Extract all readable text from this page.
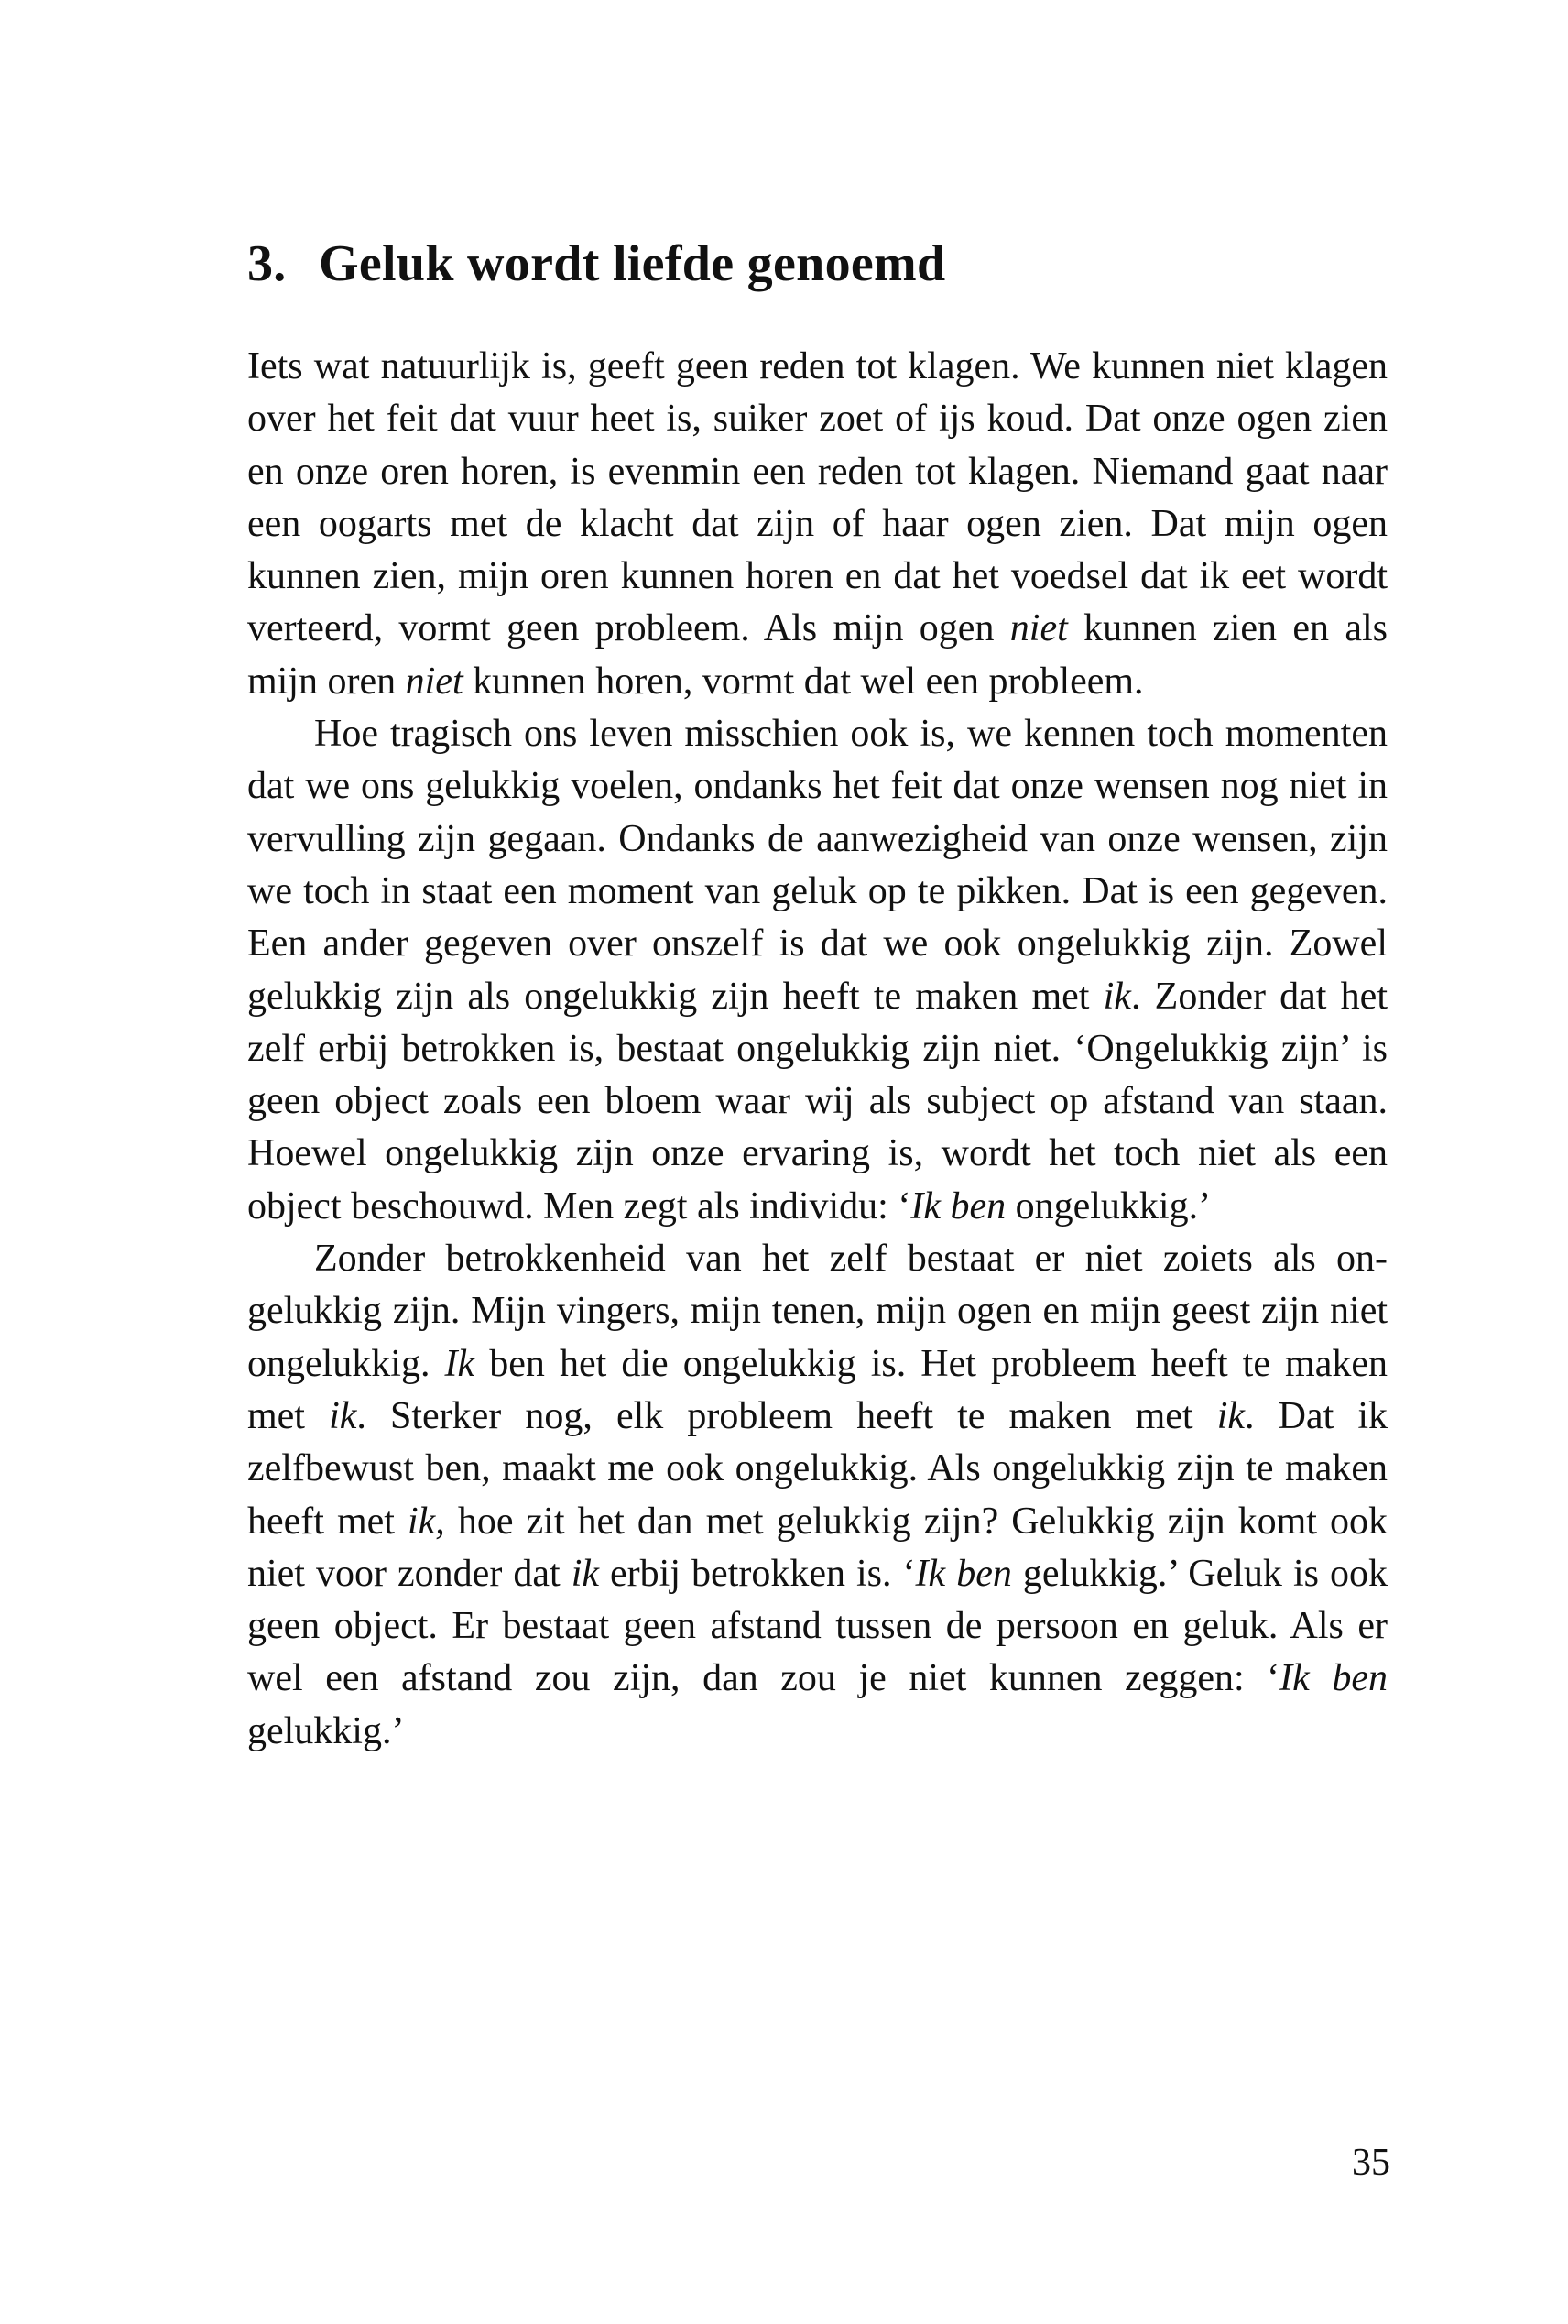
3. Geluk wordt liefde genoemd

Iets wat natuurlijk is, geeft geen reden tot klagen. We kunnen niet klagen over het feit dat vuur heet is, suiker zoet of ijs koud. Dat onze ogen zien en onze oren horen, is evenmin een reden tot klagen. Niemand gaat naar een oogarts met de klacht dat zijn of haar ogen zien. Dat mijn ogen kunnen zien, mijn oren kunnen horen en dat het voedsel dat ik eet wordt verteerd, vormt geen probleem. Als mijn ogen niet kunnen zien en als mijn oren niet kunnen horen, vormt dat wel een probleem.

Hoe tragisch ons leven misschien ook is, we kennen toch momenten dat we ons gelukkig voelen, ondanks het feit dat onze wensen nog niet in vervulling zijn gegaan. Ondanks de aanwezigheid van onze wensen, zijn we toch in staat een moment van geluk op te pikken. Dat is een gegeven. Een ander gegeven over onszelf is dat we ook ongelukkig zijn. Zowel gelukkig zijn als ongelukkig zijn heeft te maken met ik. Zonder dat het zelf erbij betrokken is, bestaat ongelukkig zijn niet. ‘Ongelukkig zijn’ is geen object zoals een bloem waar wij als subject op afstand van staan. Hoewel ongelukkig zijn onze ervaring is, wordt het toch niet als een object beschouwd. Men zegt als individu: ‘Ik ben ongelukkig.’

Zonder betrokkenheid van het zelf bestaat er niet zoiets als ongelukkig zijn. Mijn vingers, mijn tenen, mijn ogen en mijn geest zijn niet ongelukkig. Ik ben het die ongelukkig is. Het probleem heeft te maken met ik. Sterker nog, elk probleem heeft te maken met ik. Dat ik zelfbewust ben, maakt me ook ongelukkig. Als ongelukkig zijn te maken heeft met ik, hoe zit het dan met gelukkig zijn? Gelukkig zijn komt ook niet voor zonder dat ik erbij betrokken is. ‘Ik ben gelukkig.’ Geluk is ook geen object. Er bestaat geen afstand tussen de persoon en geluk. Als er wel een afstand zou zijn, dan zou je niet kunnen zeggen: ‘Ik ben gelukkig.’

35
